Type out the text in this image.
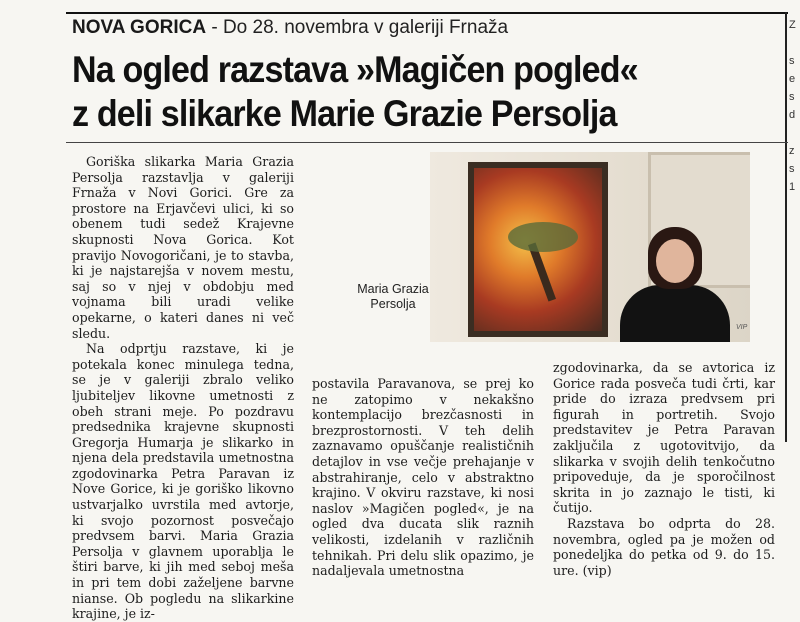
NOVA GORICA - Do 28. novembra v galeriji Frnaža
Na ogled razstava »Magičen pogled«
z deli slikarke Marie Grazie Persolja

Goriška slikarka Maria Grazia Persolja razstavlja v galeriji Frnaža v Novi Gorici. Gre za prostore na Erjavčevi ulici, ki so obenem tudi sedež Krajevne skupnosti Nova Gorica. Kot pravijo Novogoričani, je to stavba, ki je najstarejša v novem mestu, saj so v njej v obdobju med vojnama bili uradi velike opekarne, o kateri danes ni več sledu.

Na odprtju razstave, ki je potekala konec minulega tedna, se je v galeriji zbralo veliko ljubiteljev likovne umetnosti z obeh strani meje. Po pozdravu predsednika krajevne skupnosti Gregorja Humarja je slikarko in njena dela predstavila umetnostna zgodovinarka Petra Paravan iz Nove Gorice, ki je goriško likovno ustvarjalko uvrstila med avtorje, ki svojo pozornost posvečajo predvsem barvi. Maria Grazia Persolja v glavnem uporablja le štiri barve, ki jih med seboj meša in pri tem dobi zaželjene barvne nianse. Ob pogledu na slikarkine krajine, je iz-

Maria Grazia
Persolja
VIP

postavila Paravanova, se prej ko ne zatopimo v nekakšno kontemplacijo brezčasnosti in brezprostornosti. V teh delih zaznavamo opuščanje realističnih detajlov in vse večje prehajanje v abstrahiranje, celo v abstraktno krajino. V okviru razstave, ki nosi naslov »Magičen pogled«, je na ogled dva ducata slik raznih velikosti, izdelanih v različnih tehnikah. Pri delu slik opazimo, je nadaljevala umetnostna

zgodovinarka, da se avtorica iz Gorice rada posveča tudi črti, kar pride do izraza predvsem pri figurah in portretih. Svojo predstavitev je Petra Paravan zaključila z ugotovitvijo, da slikarka v svojih delih tenkočutno pripoveduje, da je sporočilnost skrita in jo zaznajo le tisti, ki čutijo.

Razstava bo odprta do 28. novembra, ogled pa je možen od ponedeljka do petka od 9. do 15. ure. (vip)

Z
s
e
s
d
z
s
1
